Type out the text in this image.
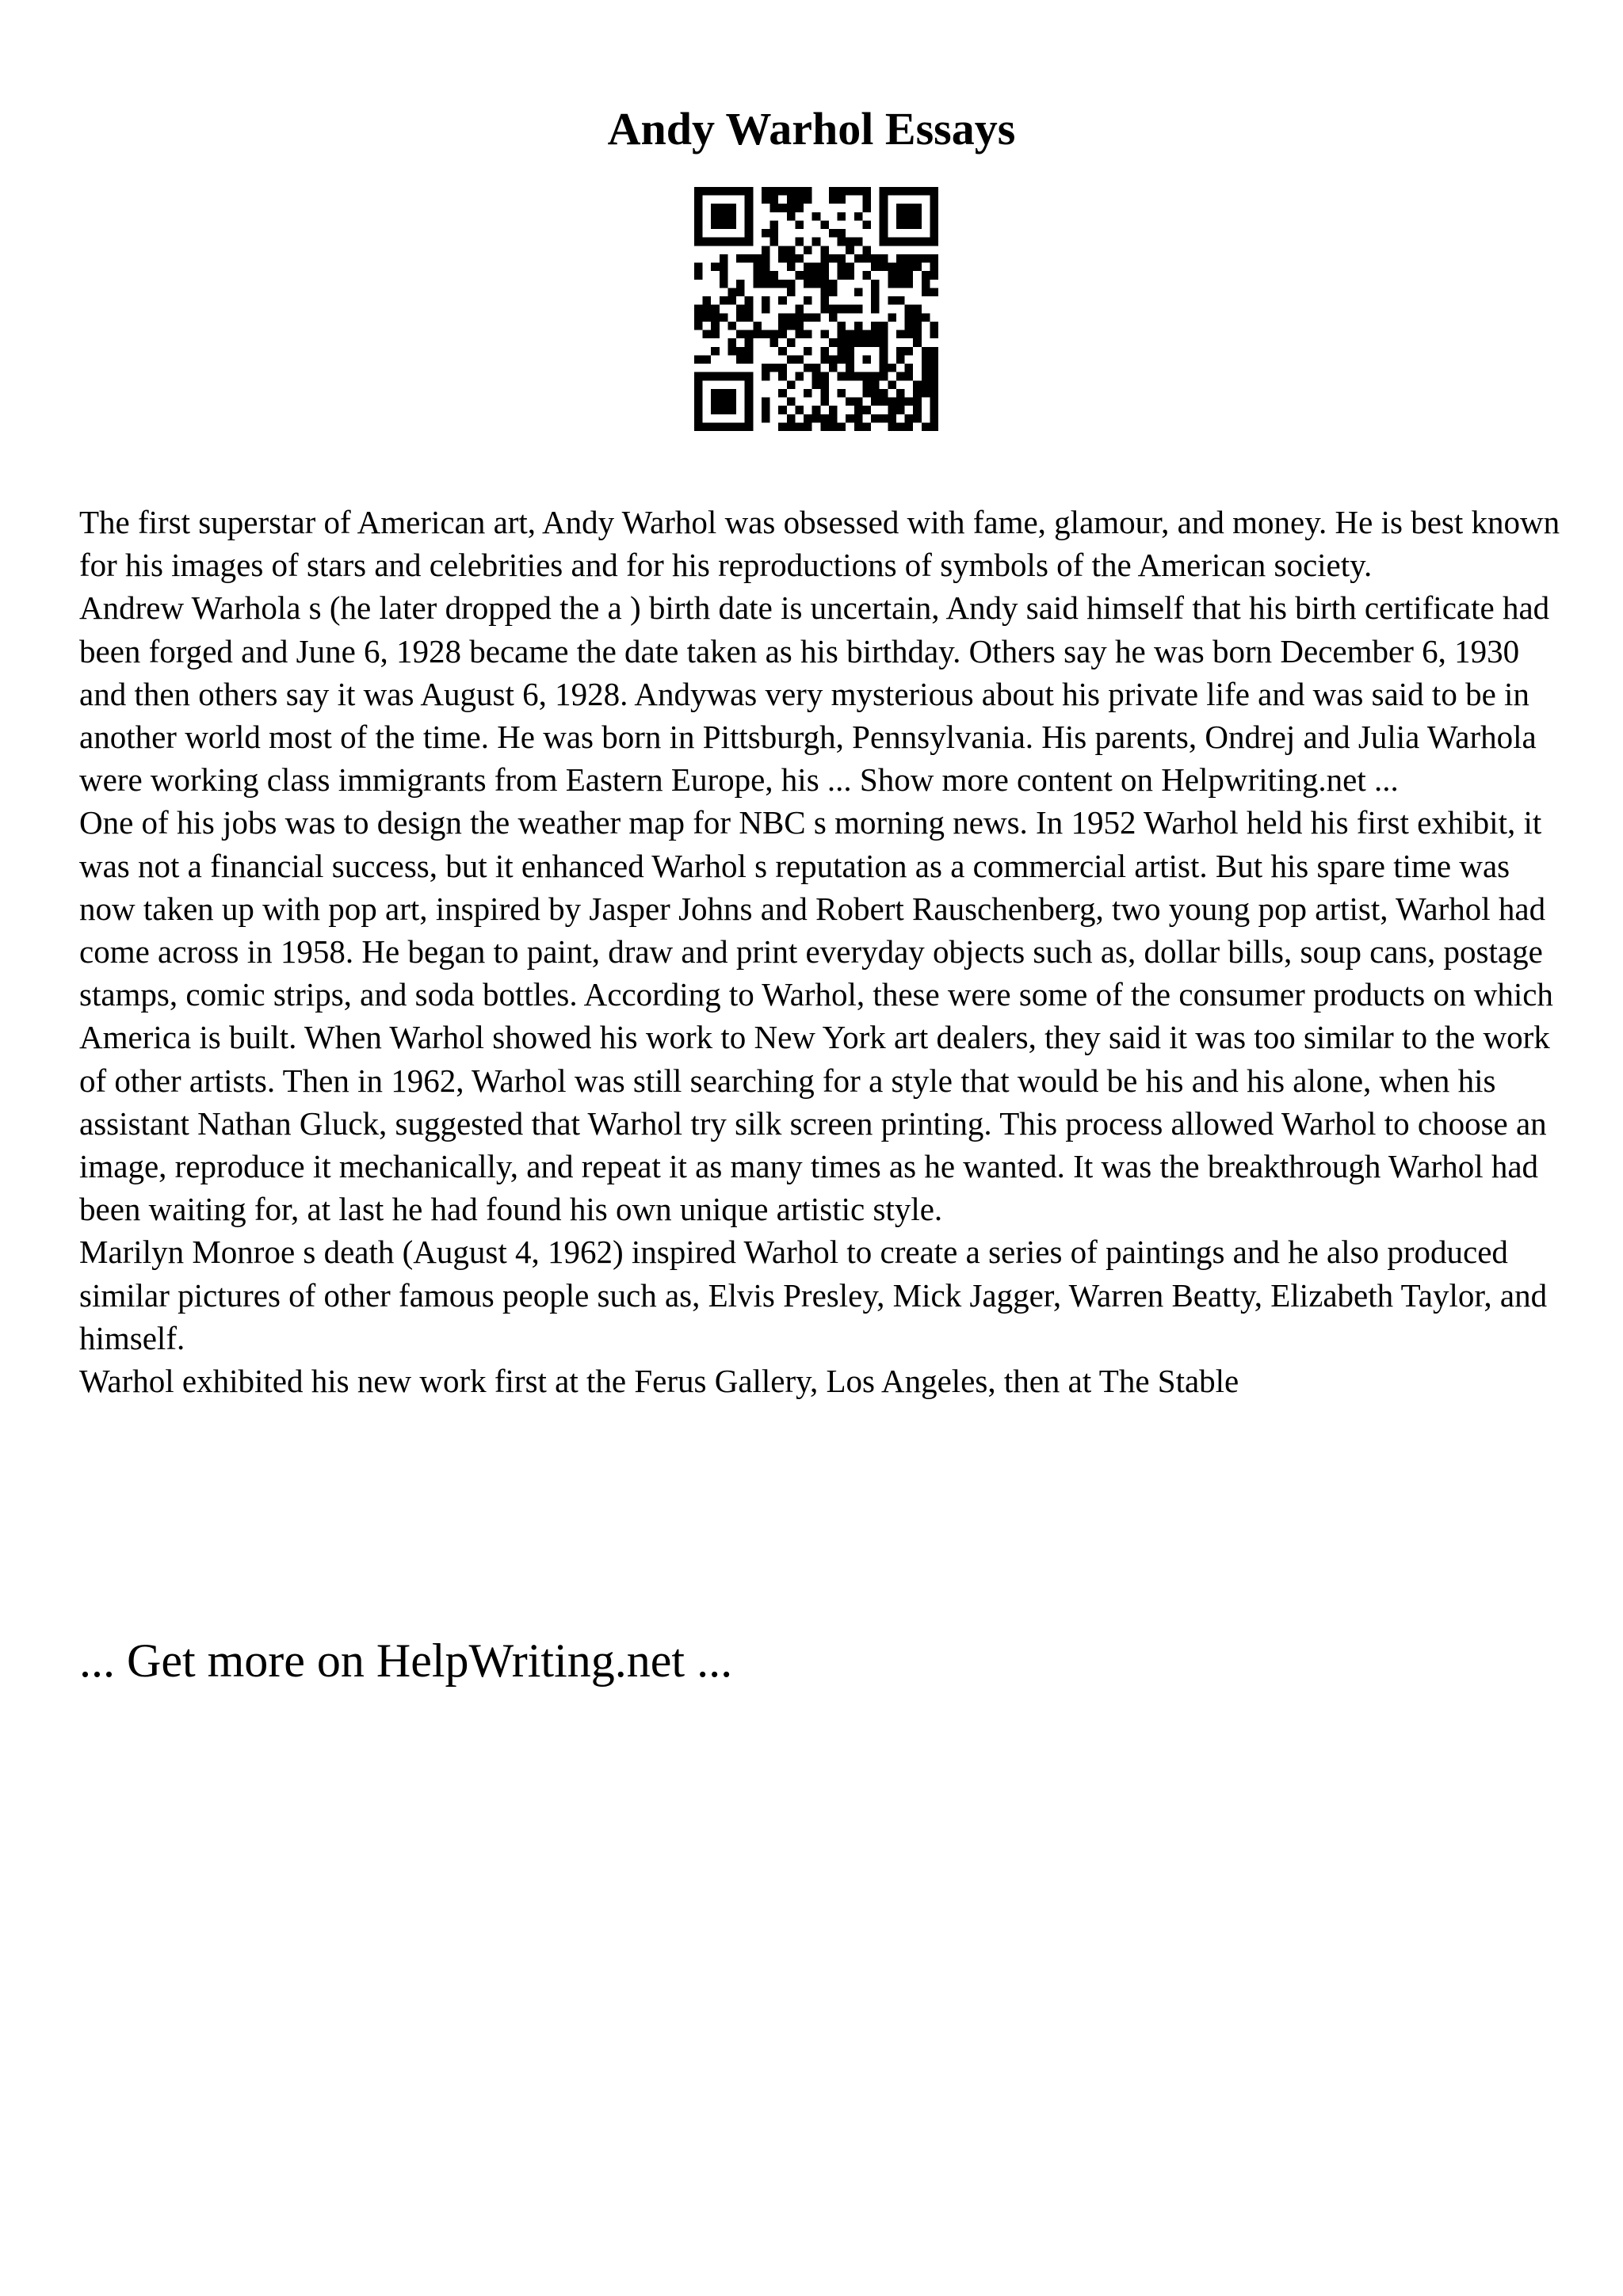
Andy Warhol Essays

The first superstar of American art, Andy Warhol was obsessed with fame, glamour, and money. He is best known for his images of stars and celebrities and for his reproductions of symbols of the American society.

Andrew Warhola s (he later dropped the a ) birth date is uncertain, Andy said himself that his birth certificate had been forged and June 6, 1928 became the date taken as his birthday. Others say he was born December 6, 1930 and then others say it was August 6, 1928. Andywas very mysterious about his private life and was said to be in another world most of the time. He was born in Pittsburgh, Pennsylvania. His parents, Ondrej and Julia Warhola were working class immigrants from Eastern Europe, his ... Show more content on Helpwriting.net ...

One of his jobs was to design the weather map for NBC s morning news. In 1952 Warhol held his first exhibit, it was not a financial success, but it enhanced Warhol s reputation as a commercial artist. But his spare time was now taken up with pop art, inspired by Jasper Johns and Robert Rauschenberg, two young pop artist, Warhol had come across in 1958. He began to paint, draw and print everyday objects such as, dollar bills, soup cans, postage stamps, comic strips, and soda bottles. According to Warhol, these were some of the consumer products on which America is built. When Warhol showed his work to New York art dealers, they said it was too similar to the work of other artists. Then in 1962, Warhol was still searching for a style that would be his and his alone, when his assistant Nathan Gluck, suggested that Warhol try silk screen printing. This process allowed Warhol to choose an image, reproduce it mechanically, and repeat it as many times as he wanted. It was the breakthrough Warhol had been waiting for, at last he had found his own unique artistic style.

Marilyn Monroe s death (August 4, 1962) inspired Warhol to create a series of paintings and he also produced similar pictures of other famous people such as, Elvis Presley, Mick Jagger, Warren Beatty, Elizabeth Taylor, and himself.

Warhol exhibited his new work first at the Ferus Gallery, Los Angeles, then at The Stable

... Get more on HelpWriting.net ...
